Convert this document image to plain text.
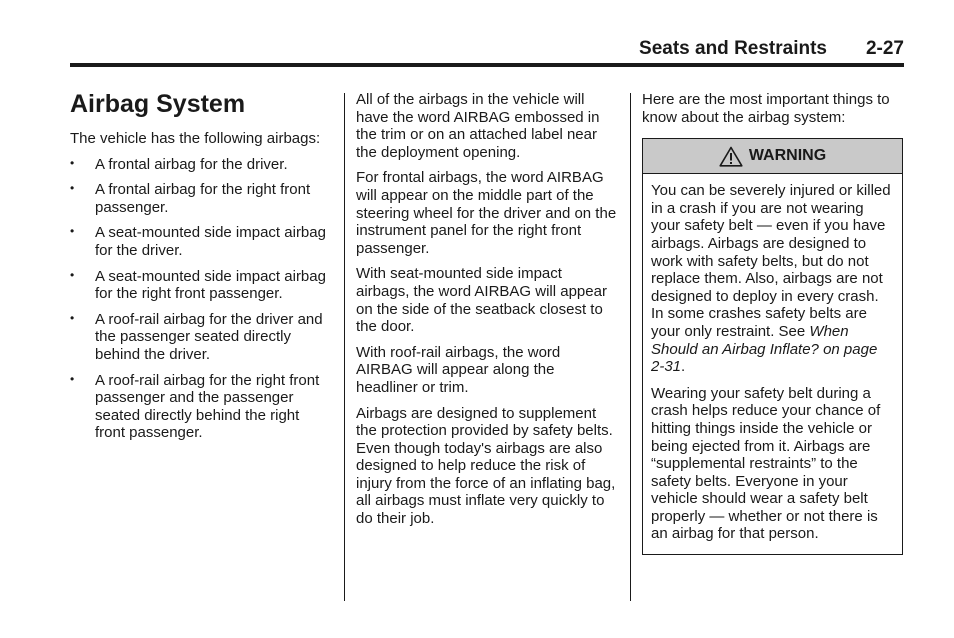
Seats and Restraints 2-27
Airbag System

The vehicle has the following airbags:

• A frontal airbag for the driver.
• A frontal airbag for the right front passenger.
• A seat-mounted side impact airbag for the driver.
• A seat-mounted side impact airbag for the right front passenger.
• A roof-rail airbag for the driver and the passenger seated directly behind the driver.
• A roof-rail airbag for the right front passenger and the passenger seated directly behind the right front passenger.

All of the airbags in the vehicle will have the word AIRBAG embossed in the trim or on an attached label near the deployment opening.

For frontal airbags, the word AIRBAG will appear on the middle part of the steering wheel for the driver and on the instrument panel for the right front passenger.

With seat-mounted side impact airbags, the word AIRBAG will appear on the side of the seatback closest to the door.

With roof-rail airbags, the word AIRBAG will appear along the headliner or trim.

Airbags are designed to supplement the protection provided by safety belts. Even though today's airbags are also designed to help reduce the risk of injury from the force of an inflating bag, all airbags must inflate very quickly to do their job.

Here are the most important things to know about the airbag system:

WARNING

You can be severely injured or killed in a crash if you are not wearing your safety belt — even if you have airbags. Airbags are designed to work with safety belts, but do not replace them. Also, airbags are not designed to deploy in every crash. In some crashes safety belts are your only restraint. See When Should an Airbag Inflate? on page 2-31.

Wearing your safety belt during a crash helps reduce your chance of hitting things inside the vehicle or being ejected from it. Airbags are “supplemental restraints” to the safety belts. Everyone in your vehicle should wear a safety belt properly — whether or not there is an airbag for that person.
